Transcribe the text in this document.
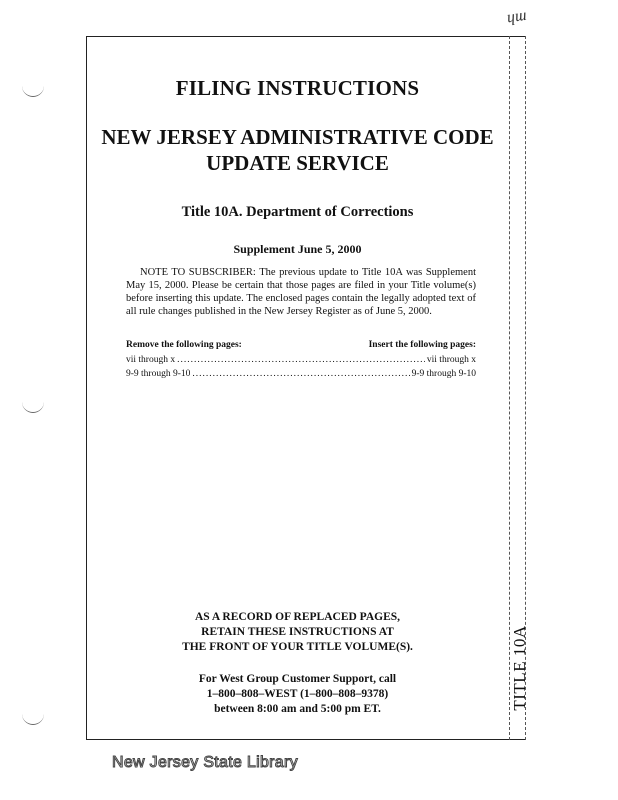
ɥɯ
FILING INSTRUCTIONS
NEW JERSEY ADMINISTRATIVE CODE
UPDATE SERVICE
Title 10A. Department of Corrections
Supplement June 5, 2000
NOTE TO SUBSCRIBER: The previous update to Title 10A was Supplement May 15, 2000. Please be certain that those pages are filed in your Title volume(s) before inserting this update. The enclosed pages contain the legally adopted text of all rule changes published in the New Jersey Register as of June 5, 2000.
Remove the following pages:	Insert the following pages:
vii through x .....	vii through x
9-9 through 9-10 .....	9-9 through 9-10
AS A RECORD OF REPLACED PAGES,
RETAIN THESE INSTRUCTIONS AT
THE FRONT OF YOUR TITLE VOLUME(S).
For West Group Customer Support, call
1–800–808–WEST (1–800–808–9378)
between 8:00 am and 5:00 pm ET.	TITLE 10A
New Jersey State Library
